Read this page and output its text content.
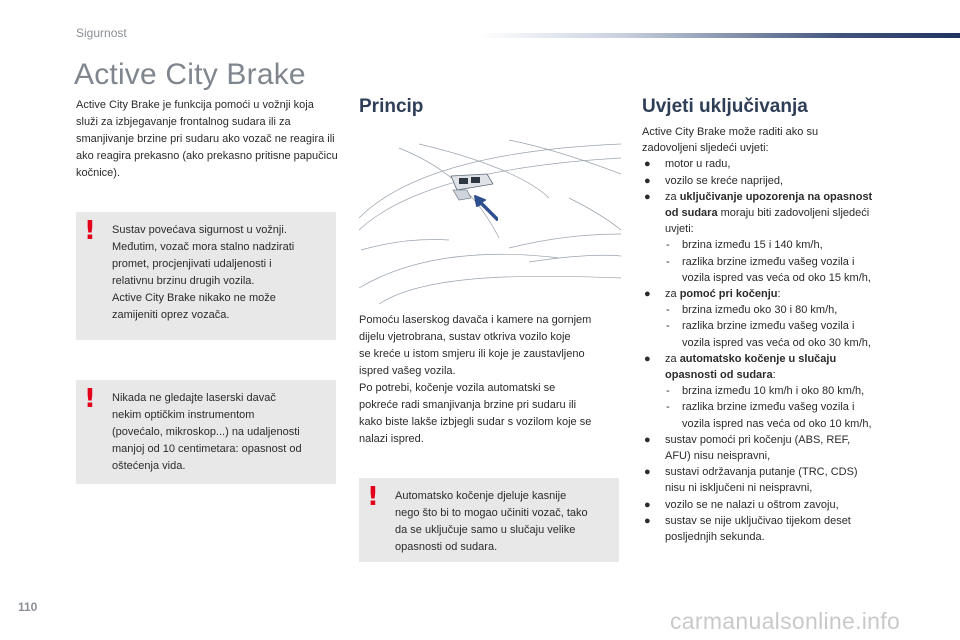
Sigurnost
Active City Brake
Active City Brake je funkcija pomoći u vožnji koja služi za izbjegavanje frontalnog sudara ili za smanjivanje brzine pri sudaru ako vozač ne reagira ili ako reagira prekasno (ako prekasno pritisne papučicu kočnice).
! Sustav povećava sigurnost u vožnji.
Međutim, vozač mora stalno nadzirati
promet, procjenjivati udaljenosti i
relativnu brzinu drugih vozila.
Active City Brake nikako ne može
zamijeniti oprez vozača.
! Nikada ne gledajte laserski davač
nekim optičkim instrumentom
(povećalo, mikroskop...) na udaljenosti
manjoj od 10 centimetara: opasnost od
oštećenja vida.
Princip
Pomoću laserskog davača i kamere na gornjem
dijelu vjetrobrana, sustav otkriva vozilo koje
se kreće u istom smjeru ili koje je zaustavljeno
ispred vašeg vozila.
Po potrebi, kočenje vozila automatski se
pokreće radi smanjivanja brzine pri sudaru ili
kako biste lakše izbjegli sudar s vozilom koje se
nalazi ispred.
! Automatsko kočenje djeluje kasnije
nego što bi to mogao učiniti vozač, tako
da se uključuje samo u slučaju velike
opasnosti od sudara.
Uvjeti uključivanja
Active City Brake može raditi ako su
zadovoljeni sljedeći uvjeti:
● motor u radu,
● vozilo se kreće naprijed,
● za uključivanje upozorenja na opasnost
od sudara moraju biti zadovoljeni sljedeći
uvjeti:
- brzina između 15 i 140 km/h,
- razlika brzine između vašeg vozila i
vozila ispred vas veća od oko 15 km/h,
● za pomoć pri kočenju:
- brzina između oko 30 i 80 km/h,
- razlika brzine između vašeg vozila i
vozila ispred vas veća od oko 30 km/h,
● za automatsko kočenje u slučaju
opasnosti od sudara:
- brzina između 10 km/h i oko 80 km/h,
- razlika brzine između vašeg vozila i
vozila ispred nas veća od oko 10 km/h,
● sustav pomoći pri kočenju (ABS, REF,
AFU) nisu neispravni,
● sustavi održavanja putanje (TRC, CDS)
nisu ni isključeni ni neispravni,
● vozilo se ne nalazi u oštrom zavoju,
● sustav se nije uključivao tijekom deset
posljednjih sekunda.
110
carmanualsonline.info
